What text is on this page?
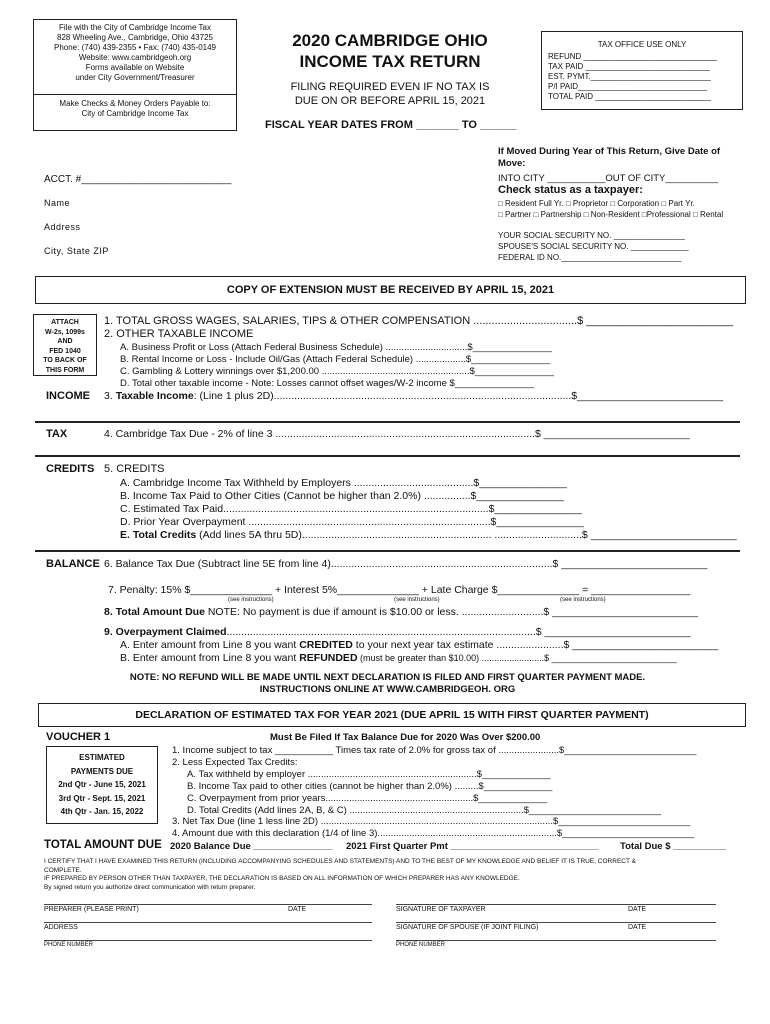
File with the City of Cambridge Income Tax
828 Wheeling Ave., Cambridge, Ohio 43725
Phone: (740) 439-2355 • Fax: (740) 435-0149
Website: www.cambridgeoh.org
Forms available on Website
under City Government/Treasurer
Make Checks & Money Orders Payable to:
City of Cambridge Income Tax
2020 CAMBRIDGE OHIO
INCOME TAX RETURN
FILING REQUIRED EVEN IF NO TAX IS
DUE ON OR BEFORE APRIL 15, 2021
FISCAL YEAR DATES FROM _______ TO ______
TAX OFFICE USE ONLY
REFUND ______________________________
TAX PAID ____________________________
EST. PYMT.___________________________
P/I PAID_____________________________
TOTAL PAID __________________________
ACCT. #___________________________
Name
Address
City, State ZIP
If Moved During Year of This Return, Give Date of
Move:
INTO CITY ___________OUT OF CITY__________
Check status as a taxpayer:
□ Resident Full Yr. □ Proprietor □ Corporation □ Part Yr.
□ Partner □ Partnership □ Non-Resident □Professional □ Rental
YOUR SOCIAL SECURITY NO. ________________
SPOUSE'S SOCIAL SECURITY NO. _____________
FEDERAL ID NO.___________________________
COPY OF EXTENSION MUST BE RECEIVED BY APRIL 15, 2021
ATTACH
W-2s, 1099s
AND
FED 1040
TO BACK OF
THIS FORM
1. TOTAL GROSS WAGES, SALARIES, TIPS & OTHER COMPENSATION ..................................$ ________________________
2. OTHER TAXABLE INCOME
A. Business Profit or Loss (Attach Federal Business Schedule) ...............................$_______________
B. Rental Income or Loss - Include Oil/Gas (Attach Federal Schedule) ...................$_______________
C. Gambling & Lottery winnings over $1,200.00 ........................................................$_______________
D. Total other taxable income - Note: Losses cannot offset wages/W-2 income $_______________
INCOME 3. Taxable Income: (Line 1 plus 2D)......................................................................................................$_________________________
TAX	4. Cambridge Tax Due - 2% of line 3 .........................................................................................$ _________________________
CREDITS 5. CREDITS
A. Cambridge Income Tax Withheld by Employers .........................................$_______________
B. Income Tax Paid to Other Cities (Cannot be higher than 2.0%) ................$_______________
C. Estimated Tax Paid...........................................................................................$_______________
D. Prior Year Overpayment ...................................................................................$_______________
E. Total Credits (Add lines 5A thru 5D)................................................................. ..............................$ _________________________
BALANCE 6. Balance Tax Due (Subtract line 5E from line 4)............................................................................$ _________________________
7. Penalty: 15% $______________ + Interest 5%______________ + Late Charge $______________ = _________________
(see instructions)	(see instructions)	(see instructions)
8. Total Amount Due NOTE: No payment is due if amount is $10.00 or less. ............................$ _________________________
9. Overpayment Claimed..........................................................................................................$ _________________________
A. Enter amount from Line 8 you want CREDITED to your next year tax estimate .......................$ _________________________
B. Enter amount from Line 8 you want REFUNDED (must be greater than $10.00) .........................$ _________________________
NOTE: NO REFUND WILL BE MADE UNTIL NEXT DECLARATION IS FILED AND FIRST QUARTER PAYMENT MADE.
INSTRUCTIONS ONLINE AT WWW.CAMBRIDGEOH. ORG
DECLARATION OF ESTIMATED TAX FOR YEAR 2021 (DUE APRIL 15 WITH FIRST QUARTER PAYMENT)
VOUCHER 1	Must Be Filed If Tax Balance Due for 2020 Was Over $200.00
ESTIMATED
PAYMENTS DUE
2nd Qtr - June 15, 2021
3rd Qtr - Sept. 15, 2021
4th Qtr - Jan. 15, 2022
1. Income subject to tax ___________ Times tax rate of 2.0% for gross tax of .......................$_________________________
2. Less Expected Tax Credits:
A. Tax withheld by employer ................................................................$_____________
B. Income Tax paid to other cities (cannot be higher than 2.0%) .........$_____________
C. Overpayment from prior years........................................................$_____________
D. Total Credits (Add lines 2A, B, & C) ..................................................................$_________________________
3. Net Tax Due (line 1 less line 2D) ........................................................................................$_________________________
4. Amount due with this declaration (1/4 of line 3)....................................................................$_________________________
TOTAL AMOUNT DUE 2020 Balance Due _______________ 2021 First Quarter Pmt ____________________________ Total Due $ __________
I CERTIFY THAT I HAVE EXAMINED THIS RETURN (INCLUDING ACCOMPANYING SCHEDULES AND STATEMENTS) AND TO THE BEST OF MY KNOWLEDGE AND BELIEF IT IS TRUE, CORRECT &
COMPLETE.
IF PREPARED BY PERSON OTHER THAN TAXPAYER, THE DECLARATION IS BASED ON ALL INFORMATION OF WHICH PREPARER HAS ANY KNOWLEDGE.
By signed return you authorize direct communication with return preparer.
PREPARER (PLEASE PRINT)	DATE
ADDRESS
PHONE NUMBER
SIGNATURE OF TAXPAYER	DATE
SIGNATURE OF SPOUSE (IF JOINT FILING)	DATE
PHONE NUMBER
